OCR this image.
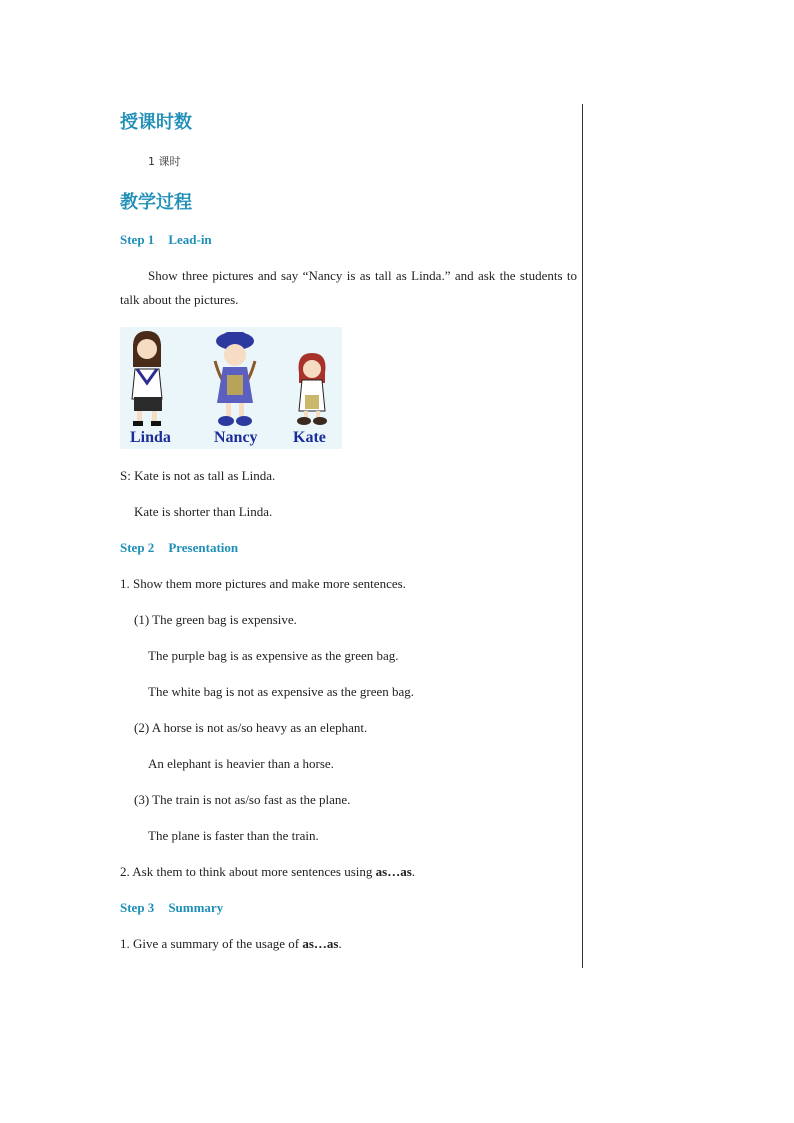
授课时数
1 课时
教学过程
Step 1 Lead-in

Show three pictures and say “Nancy is as tall as Linda.” and ask the students to talk about the pictures.

Linda	Nancy Kate
S: Kate is not as tall as Linda.
Kate is shorter than Linda.
Step 2 Presentation
1. Show them more pictures and make more sentences.
(1) The green bag is expensive.
The purple bag is as expensive as the green bag.
The white bag is not as expensive as the green bag.
(2) A horse is not as/so heavy as an elephant.
An elephant is heavier than a horse.
(3) The train is not as/so fast as the plane.
The plane is faster than the train.
2. Ask them to think about more sentences using as…as.
Step 3 Summary
1. Give a summary of the usage of as…as.
